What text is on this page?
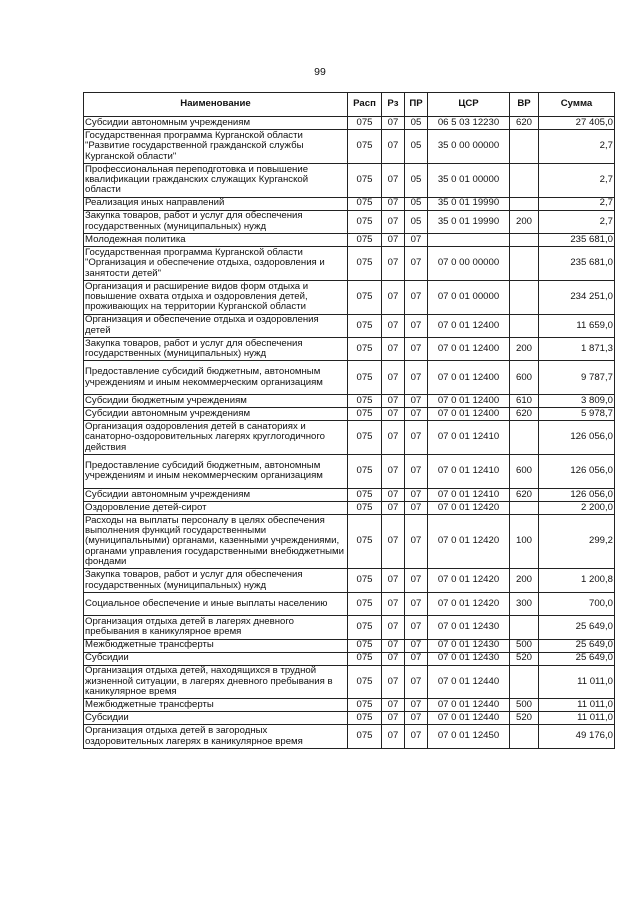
99
Наименование	Расп	Рз	ПР	ЦСР	ВР	Сумма
Субсидии автономным учреждениям	075	07	05	06 5 03 12230	620	27 405,0
Государственная программа Курганской области "Развитие государственной гражданской службы Курганской области"	075	07	05	35 0 00 00000		2,7
Профессиональная переподготовка и повышение квалификации гражданских служащих Курганской области	075	07	05	35 0 01 00000		2,7
Реализация иных направлений	075	07	05	35 0 01 19990		2,7
Закупка товаров, работ и услуг для обеспечения государственных (муниципальных) нужд	075	07	05	35 0 01 19990	200	2,7
Молодежная политика	075	07	07			235 681,0
Государственная программа Курганской области "Организация и обеспечение отдыха, оздоровления и занятости детей"	075	07	07	07 0 00 00000		235 681,0
Организация и расширение видов форм отдыха и повышение охвата отдыха и оздоровления детей, проживающих на территории Курганской области	075	07	07	07 0 01 00000		234 251,0
Организация и обеспечение отдыха и оздоровления детей	075	07	07	07 0 01 12400		11 659,0
Закупка товаров, работ и услуг для обеспечения государственных (муниципальных) нужд	075	07	07	07 0 01 12400	200	1 871,3
Предоставление субсидий бюджетным, автономным учреждениям и иным некоммерческим организациям	075	07	07	07 0 01 12400	600	9 787,7
Субсидии бюджетным учреждениям	075	07	07	07 0 01 12400	610	3 809,0
Субсидии автономным учреждениям	075	07	07	07 0 01 12400	620	5 978,7
Организация оздоровления детей в санаториях и санаторно-оздоровительных лагерях круглогодичного действия	075	07	07	07 0 01 12410		126 056,0
Предоставление субсидий бюджетным, автономным учреждениям и иным некоммерческим организациям	075	07	07	07 0 01 12410	600	126 056,0
Субсидии автономным учреждениям	075	07	07	07 0 01 12410	620	126 056,0
Оздоровление детей-сирот	075	07	07	07 0 01 12420		2 200,0
Расходы на выплаты персоналу в целях обеспечения выполнения функций государственными (муниципальными) органами, казенными учреждениями, органами управления государственными внебюджетными фондами	075	07	07	07 0 01 12420	100	299,2
Закупка товаров, работ и услуг для обеспечения государственных (муниципальных) нужд	075	07	07	07 0 01 12420	200	1 200,8
Социальное обеспечение и иные выплаты населению	075	07	07	07 0 01 12420	300	700,0
Организация отдыха детей в лагерях дневного пребывания в каникулярное время	075	07	07	07 0 01 12430		25 649,0
Межбюджетные трансферты	075	07	07	07 0 01 12430	500	25 649,0
Субсидии	075	07	07	07 0 01 12430	520	25 649,0
Организация отдыха детей, находящихся в трудной жизненной ситуации, в лагерях дневного пребывания в каникулярное время	075	07	07	07 0 01 12440		11 011,0
Межбюджетные трансферты	075	07	07	07 0 01 12440	500	11 011,0
Субсидии	075	07	07	07 0 01 12440	520	11 011,0
Организация отдыха детей в загородных оздоровительных лагерях в каникулярное время	075	07	07	07 0 01 12450		49 176,0
